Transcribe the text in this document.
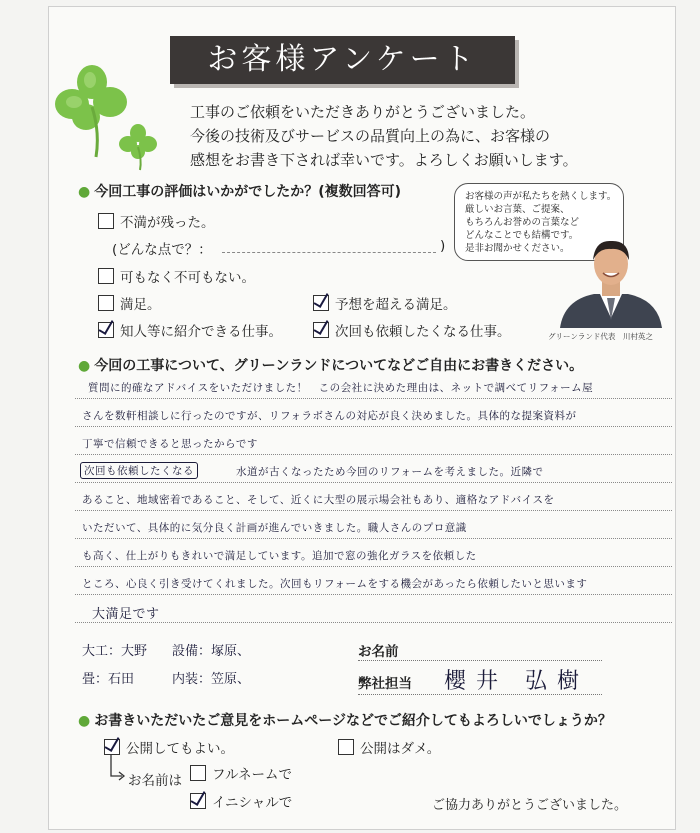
お客様アンケート
工事のご依頼をいただきありがとうございました。
今後の技術及びサービスの品質向上の為に、お客様の
感想をお書き下されば幸いです。よろしくお願いします。
● 今回工事の評価はいかがでしたか？(複数回答可)
不満が残った。
(どんな点で？：	)
可もなく不可もない。
満足。	予想を超える満足。
知人等に紹介できる仕事。	次回も依頼したくなる仕事。
お客様の声が私たちを熱くします。
厳しいお言葉、ご提案、
もちろんお誉めの言葉など
どんなことでも結構です。
是非お聞かせください。
グリーンランド代表　川村英之
● 今回の工事について、グリーンランドについてなどご自由にお書きください。
質問に的確なアドバイスをいただけました！　この会社に決めた理由は、ネットで調べてリフォーム屋
さんを数軒相談しに行ったのですが、リフォラボさんの対応が良く決めました。具体的な提案資料が
丁寧で信頼できると思ったからです
次回も依頼したくなる	水道が古くなったため今回のリフォームを考えました。近隣で
あること、地域密着であること、そして、近くに大型の展示場会社もあり、適格なアドバイスを
いただいて、具体的に気分良く計画が進んでいきました。職人さんのプロ意識
も高く、仕上がりもきれいで満足しています。追加で窓の強化ガラスを依頼した
ところ、心良く引き受けてくれました。次回もリフォームをする機会があったら依頼したいと思います
大満足です
大工：大野 設備：塚原、
畳：石田	内装：笠原、
お名前
弊社担当 櫻井 弘樹
● お書きいただいたご意見をホームページなどでご紹介してもよろしいでしょうか？
公開してもよい。	公開はダメ。
お名前は フルネームで
イニシャルで	ご協力ありがとうございました。
